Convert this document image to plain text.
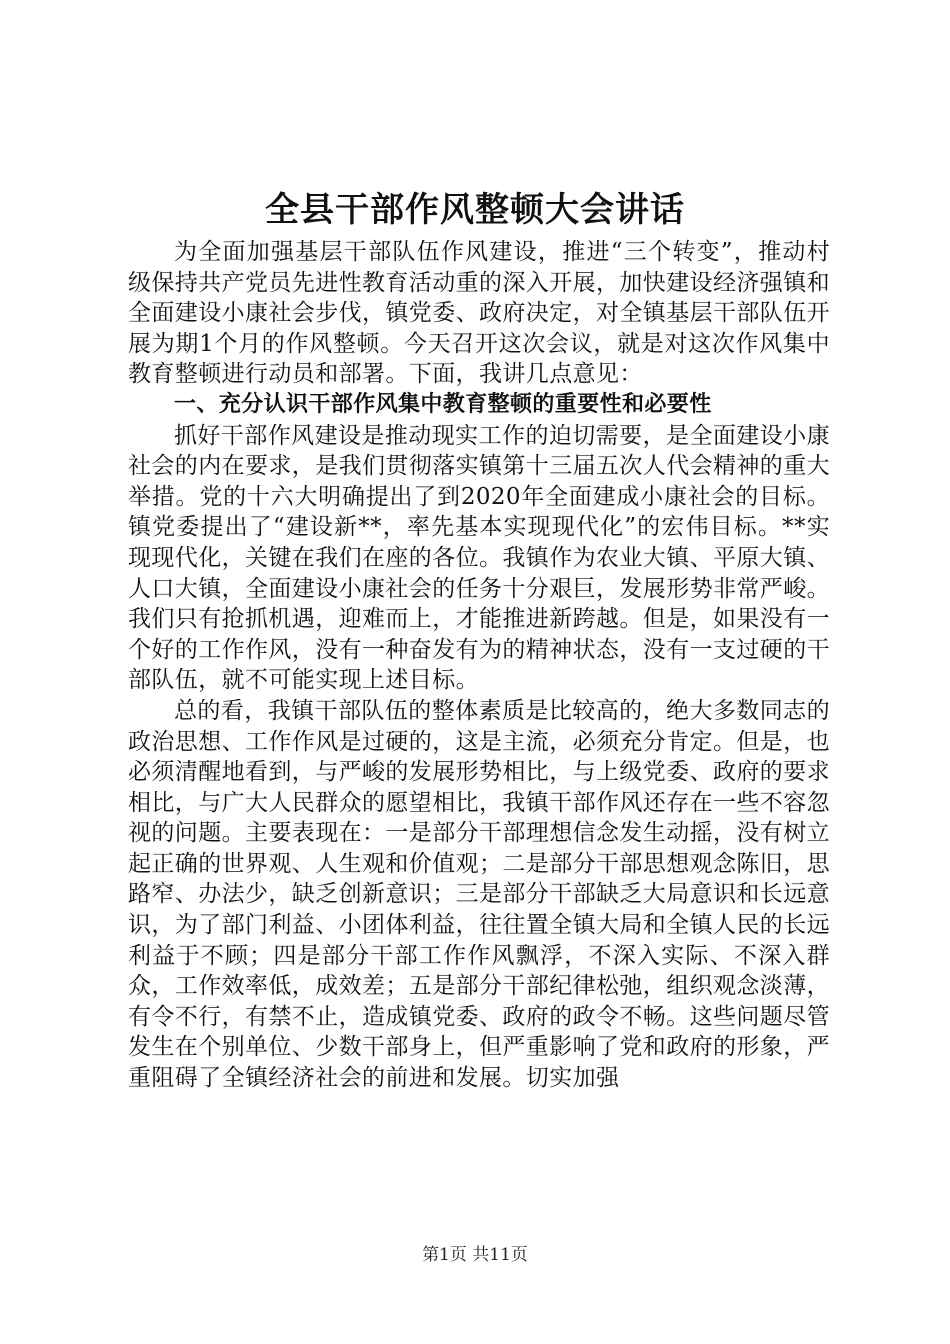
全县干部作风整顿大会讲话

为全面加强基层干部队伍作风建设，推进“三个转变”，推动村级保持共产党员先进性教育活动重的深入开展，加快建设经济强镇和全面建设小康社会步伐，镇党委、政府决定，对全镇基层干部队伍开展为期1个月的作风整顿。今天召开这次会议，就是对这次作风集中教育整顿进行动员和部署。下面，我讲几点意见：

一、充分认识干部作风集中教育整顿的重要性和必要性

抓好干部作风建设是推动现实工作的迫切需要，是全面建设小康社会的内在要求，是我们贯彻落实镇第十三届五次人代会精神的重大举措。党的十六大明确提出了到2020年全面建成小康社会的目标。镇党委提出了“建设新**，率先基本实现现代化”的宏伟目标。**实现现代化，关键在我们在座的各位。我镇作为农业大镇、平原大镇、人口大镇，全面建设小康社会的任务十分艰巨，发展形势非常严峻。我们只有抢抓机遇，迎难而上，才能推进新跨越。但是，如果没有一个好的工作作风，没有一种奋发有为的精神状态，没有一支过硬的干部队伍，就不可能实现上述目标。

总的看，我镇干部队伍的整体素质是比较高的，绝大多数同志的政治思想、工作作风是过硬的，这是主流，必须充分肯定。但是，也必须清醒地看到，与严峻的发展形势相比，与上级党委、政府的要求相比，与广大人民群众的愿望相比，我镇干部作风还存在一些不容忽视的问题。主要表现在：一是部分干部理想信念发生动摇，没有树立起正确的世界观、人生观和价值观；二是部分干部思想观念陈旧，思路窄、办法少，缺乏创新意识；三是部分干部缺乏大局意识和长远意识，为了部门利益、小团体利益，往往置全镇大局和全镇人民的长远利益于不顾；四是部分干部工作作风飘浮，不深入实际、不深入群众，工作效率低，成效差；五是部分干部纪律松弛，组织观念淡薄，有令不行，有禁不止，造成镇党委、政府的政令不畅。这些问题尽管发生在个别单位、少数干部身上，但严重影响了党和政府的形象，严重阻碍了全镇经济社会的前进和发展。切实加强

第1页 共11页
